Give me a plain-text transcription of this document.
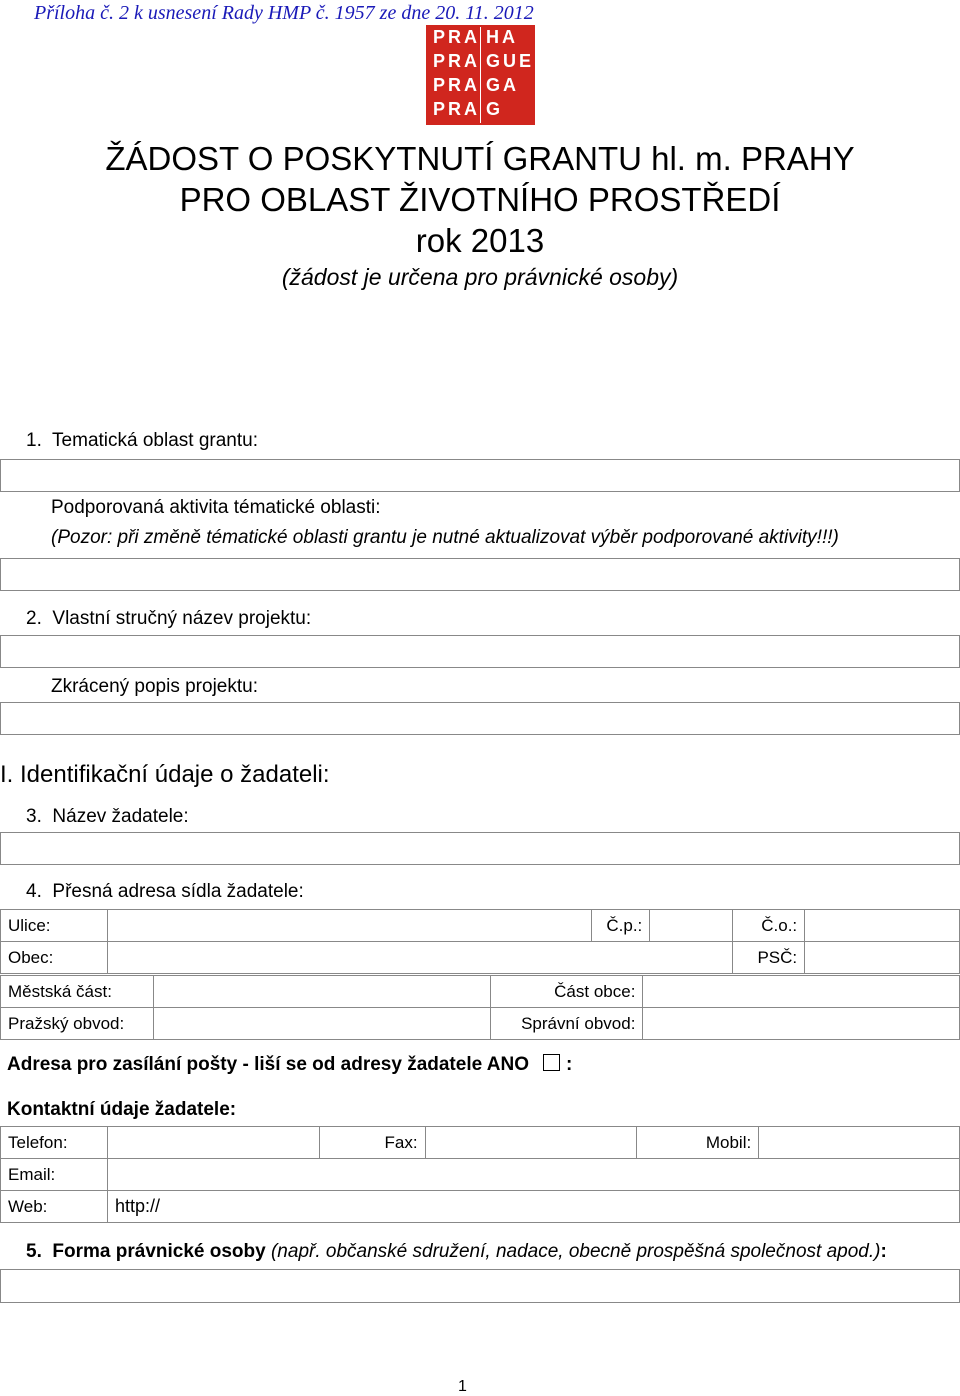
Příloha č. 2 k usnesení Rady HMP č. 1957 ze dne 20. 11. 2012
PRA HA
PRA GUE
PRA GA
PRA G
ŽÁDOST O POSKYTNUTÍ GRANTU hl. m. PRAHY
PRO OBLAST ŽIVOTNÍHO PROSTŘEDÍ
rok 2013
(žádost je určena pro právnické osoby)
1.  Tematická oblast grantu:
Podporovaná aktivita tématické oblasti:
(Pozor: při změně tématické oblasti grantu je nutné aktualizovat výběr podporované aktivity!!!)
2.  Vlastní stručný název projektu:
Zkrácený popis projektu:
I. Identifikační údaje o žadateli:
3.  Název žadatele:
4.  Přesná adresa sídla žadatele:
Ulice:		Č.p.:		Č.o.:	
Obec:				PSČ:	
Městská část:		Část obce:	
Pražský obvod:		Správní obvod:	
Adresa pro zasílání pošty - liší se od adresy žadatele ANO :
Kontaktní údaje žadatele:
Telefon:		Fax:		Mobil:	
Email:					
Web:	http://				
5.  Forma právnické osoby (např. občanské sdružení, nadace, obecně prospěšná společnost apod.):
1
